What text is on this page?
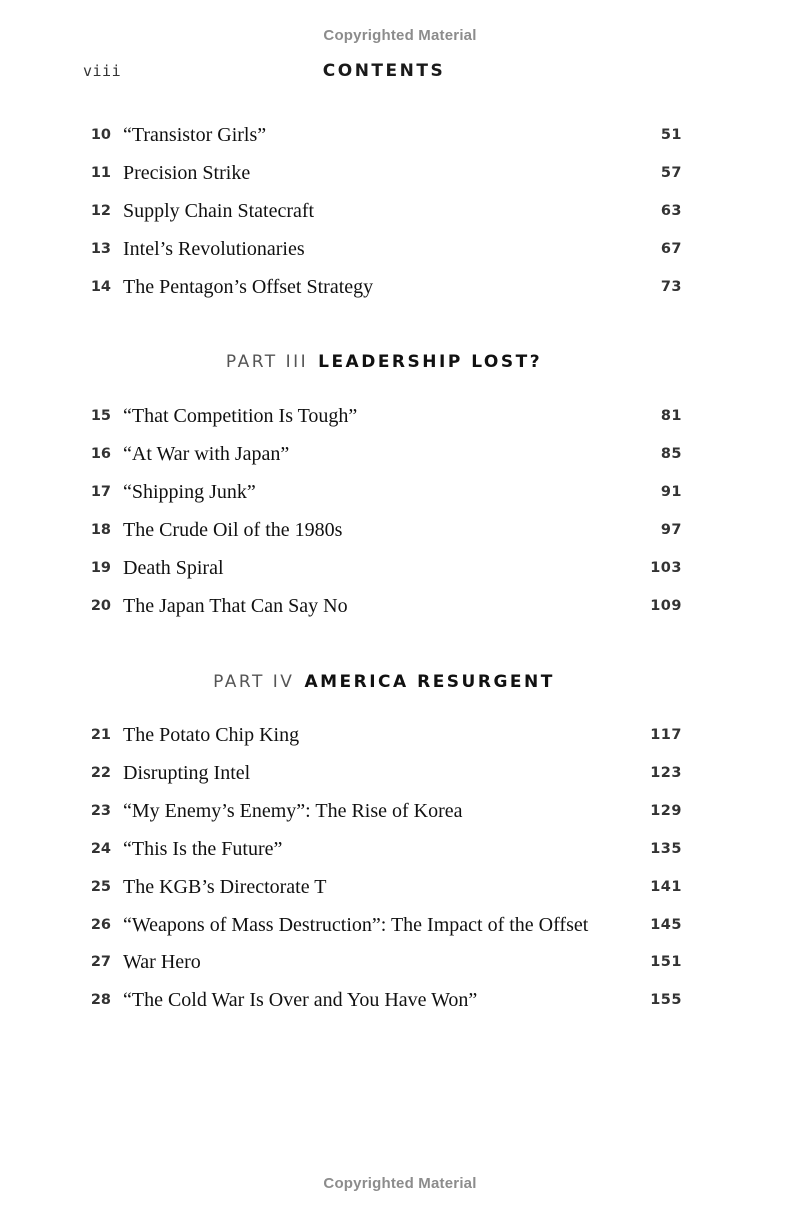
Copyrighted Material
viii	CONTENTS
10 “Transistor Girls”	51
11 Precision Strike	57
12 Supply Chain Statecraft	63
13 Intel’s Revolutionaries	67
14 The Pentagon’s Offset Strategy	73
PART III LEADERSHIP LOST?
15 “That Competition Is Tough”	81
16 “At War with Japan”	85
17 “Shipping Junk”	91
18 The Crude Oil of the 1980s	97
19 Death Spiral	103
20 The Japan That Can Say No	109
PART IV AMERICA RESURGENT
21 The Potato Chip King	117
22 Disrupting Intel	123
23 “My Enemy’s Enemy”: The Rise of Korea	129
24 “This Is the Future”	135
25 The KGB’s Directorate T	141
26 “Weapons of Mass Destruction”: The Impact of the Offset	145
27 War Hero	151
28 “The Cold War Is Over and You Have Won”	155
Copyrighted Material
